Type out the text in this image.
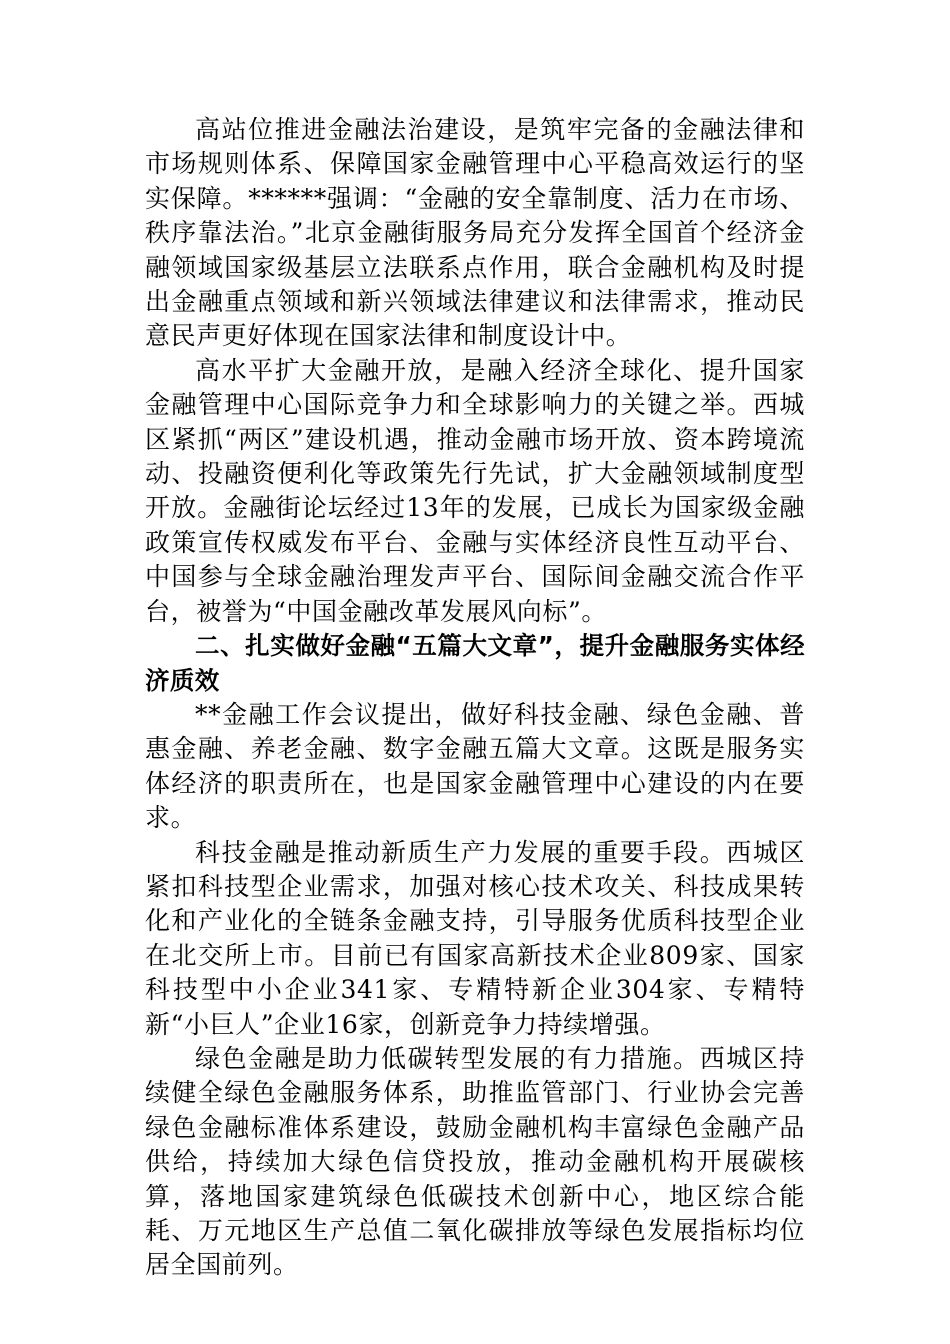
高站位推进金融法治建设，是筑牢完备的金融法律和市场规则体系、保障国家金融管理中心平稳高效运行的坚实保障。******强调：“金融的安全靠制度、活力在市场、秩序靠法治。”北京金融街服务局充分发挥全国首个经济金融领域国家级基层立法联系点作用，联合金融机构及时提出金融重点领域和新兴领域法律建议和法律需求，推动民意民声更好体现在国家法律和制度设计中。

高水平扩大金融开放，是融入经济全球化、提升国家金融管理中心国际竞争力和全球影响力的关键之举。西城区紧抓“两区”建设机遇，推动金融市场开放、资本跨境流动、投融资便利化等政策先行先试，扩大金融领域制度型开放。金融街论坛经过13年的发展，已成长为国家级金融政策宣传权威发布平台、金融与实体经济良性互动平台、中国参与全球金融治理发声平台、国际间金融交流合作平台，被誉为“中国金融改革发展风向标”。

二、扎实做好金融“五篇大文章”，提升金融服务实体经济质效

**金融工作会议提出，做好科技金融、绿色金融、普惠金融、养老金融、数字金融五篇大文章。这既是服务实体经济的职责所在，也是国家金融管理中心建设的内在要求。

科技金融是推动新质生产力发展的重要手段。西城区紧扣科技型企业需求，加强对核心技术攻关、科技成果转化和产业化的全链条金融支持，引导服务优质科技型企业在北交所上市。目前已有国家高新技术企业809家、国家科技型中小企业341家、专精特新企业304家、专精特新“小巨人”企业16家，创新竞争力持续增强。

绿色金融是助力低碳转型发展的有力措施。西城区持续健全绿色金融服务体系，助推监管部门、行业协会完善绿色金融标准体系建设，鼓励金融机构丰富绿色金融产品供给，持续加大绿色信贷投放，推动金融机构开展碳核算，落地国家建筑绿色低碳技术创新中心，地区综合能耗、万元地区生产总值二氧化碳排放等绿色发展指标均位居全国前列。
